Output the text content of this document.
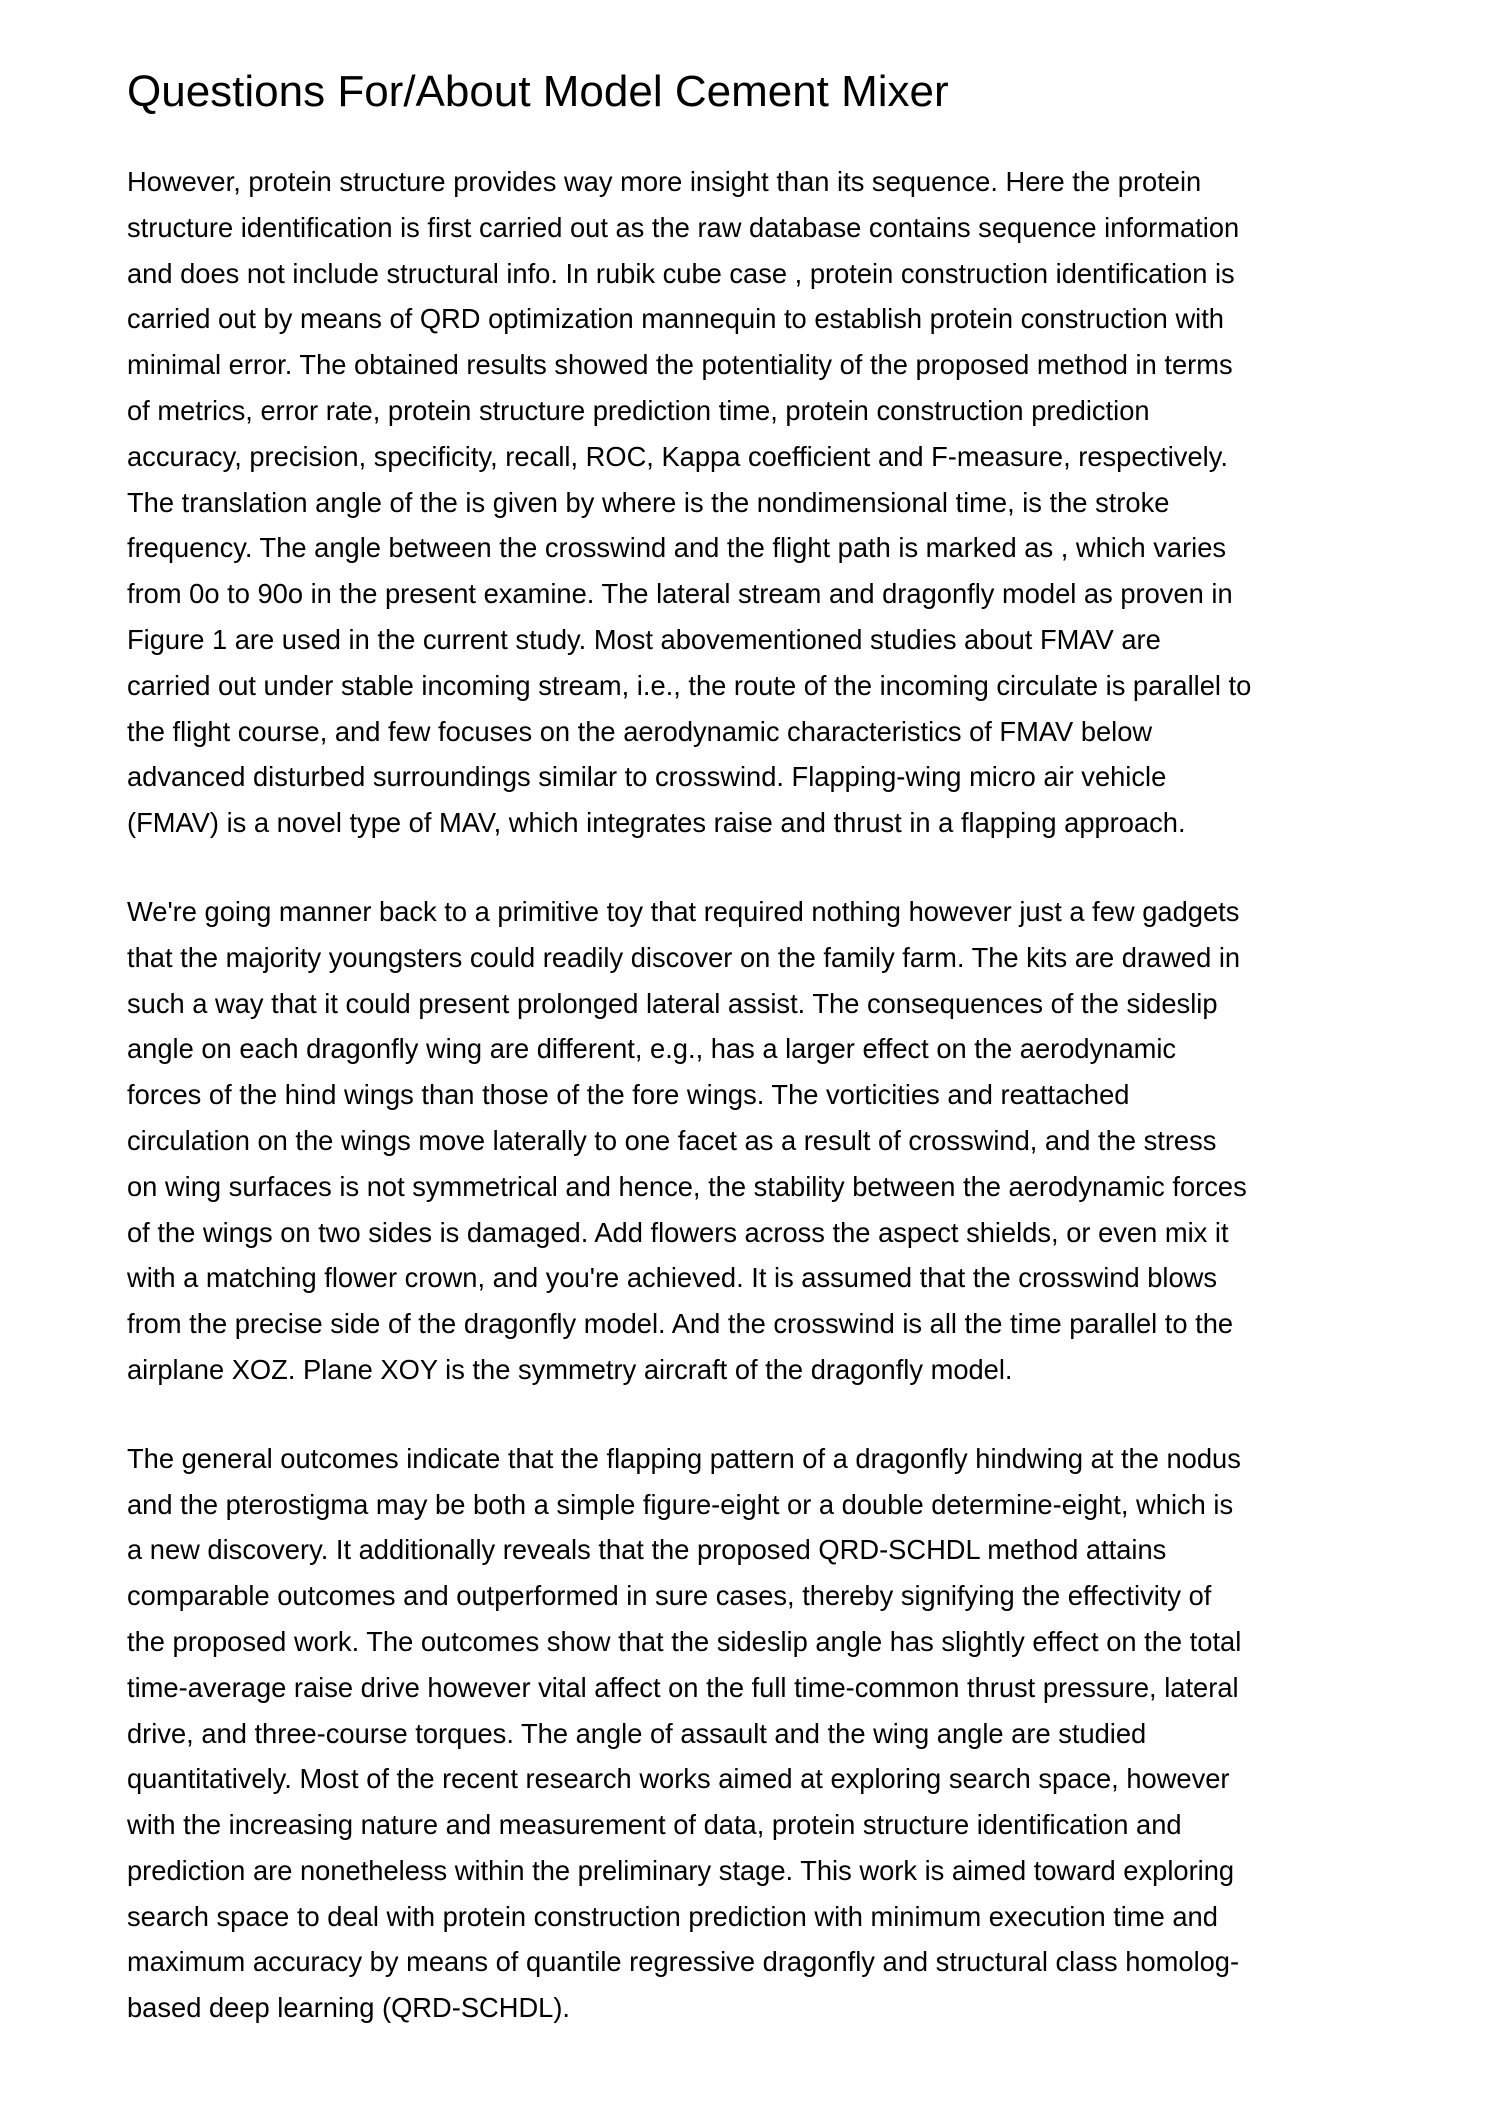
Questions For/About Model Cement Mixer

However, protein structure provides way more insight than its sequence. Here the protein
structure identification is first carried out as the raw database contains sequence information
and does not include structural info. In rubik cube case , protein construction identification is
carried out by means of QRD optimization mannequin to establish protein construction with
minimal error. The obtained results showed the potentiality of the proposed method in terms
of metrics, error rate, protein structure prediction time, protein construction prediction
accuracy, precision, specificity, recall, ROC, Kappa coefficient and F-measure, respectively.
The translation angle of the is given by where is the nondimensional time, is the stroke
frequency. The angle between the crosswind and the flight path is marked as , which varies
from 0o to 90o in the present examine. The lateral stream and dragonfly model as proven in
Figure 1 are used in the current study. Most abovementioned studies about FMAV are
carried out under stable incoming stream, i.e., the route of the incoming circulate is parallel to
the flight course, and few focuses on the aerodynamic characteristics of FMAV below
advanced disturbed surroundings similar to crosswind. Flapping-wing micro air vehicle
(FMAV) is a novel type of MAV, which integrates raise and thrust in a flapping approach.

We're going manner back to a primitive toy that required nothing however just a few gadgets
that the majority youngsters could readily discover on the family farm. The kits are drawed in
such a way that it could present prolonged lateral assist. The consequences of the sideslip
angle on each dragonfly wing are different, e.g., has a larger effect on the aerodynamic
forces of the hind wings than those of the fore wings. The vorticities and reattached
circulation on the wings move laterally to one facet as a result of crosswind, and the stress
on wing surfaces is not symmetrical and hence, the stability between the aerodynamic forces
of the wings on two sides is damaged. Add flowers across the aspect shields, or even mix it
with a matching flower crown, and you're achieved. It is assumed that the crosswind blows
from the precise side of the dragonfly model. And the crosswind is all the time parallel to the
airplane XOZ. Plane XOY is the symmetry aircraft of the dragonfly model.

The general outcomes indicate that the flapping pattern of a dragonfly hindwing at the nodus
and the pterostigma may be both a simple figure-eight or a double determine-eight, which is
a new discovery. It additionally reveals that the proposed QRD-SCHDL method attains
comparable outcomes and outperformed in sure cases, thereby signifying the effectivity of
the proposed work. The outcomes show that the sideslip angle has slightly effect on the total
time-average raise drive however vital affect on the full time-common thrust pressure, lateral
drive, and three-course torques. The angle of assault and the wing angle are studied
quantitatively. Most of the recent research works aimed at exploring search space, however
with the increasing nature and measurement of data, protein structure identification and
prediction are nonetheless within the preliminary stage. This work is aimed toward exploring
search space to deal with protein construction prediction with minimum execution time and
maximum accuracy by means of quantile regressive dragonfly and structural class homolog-
based deep learning (QRD-SCHDL).
